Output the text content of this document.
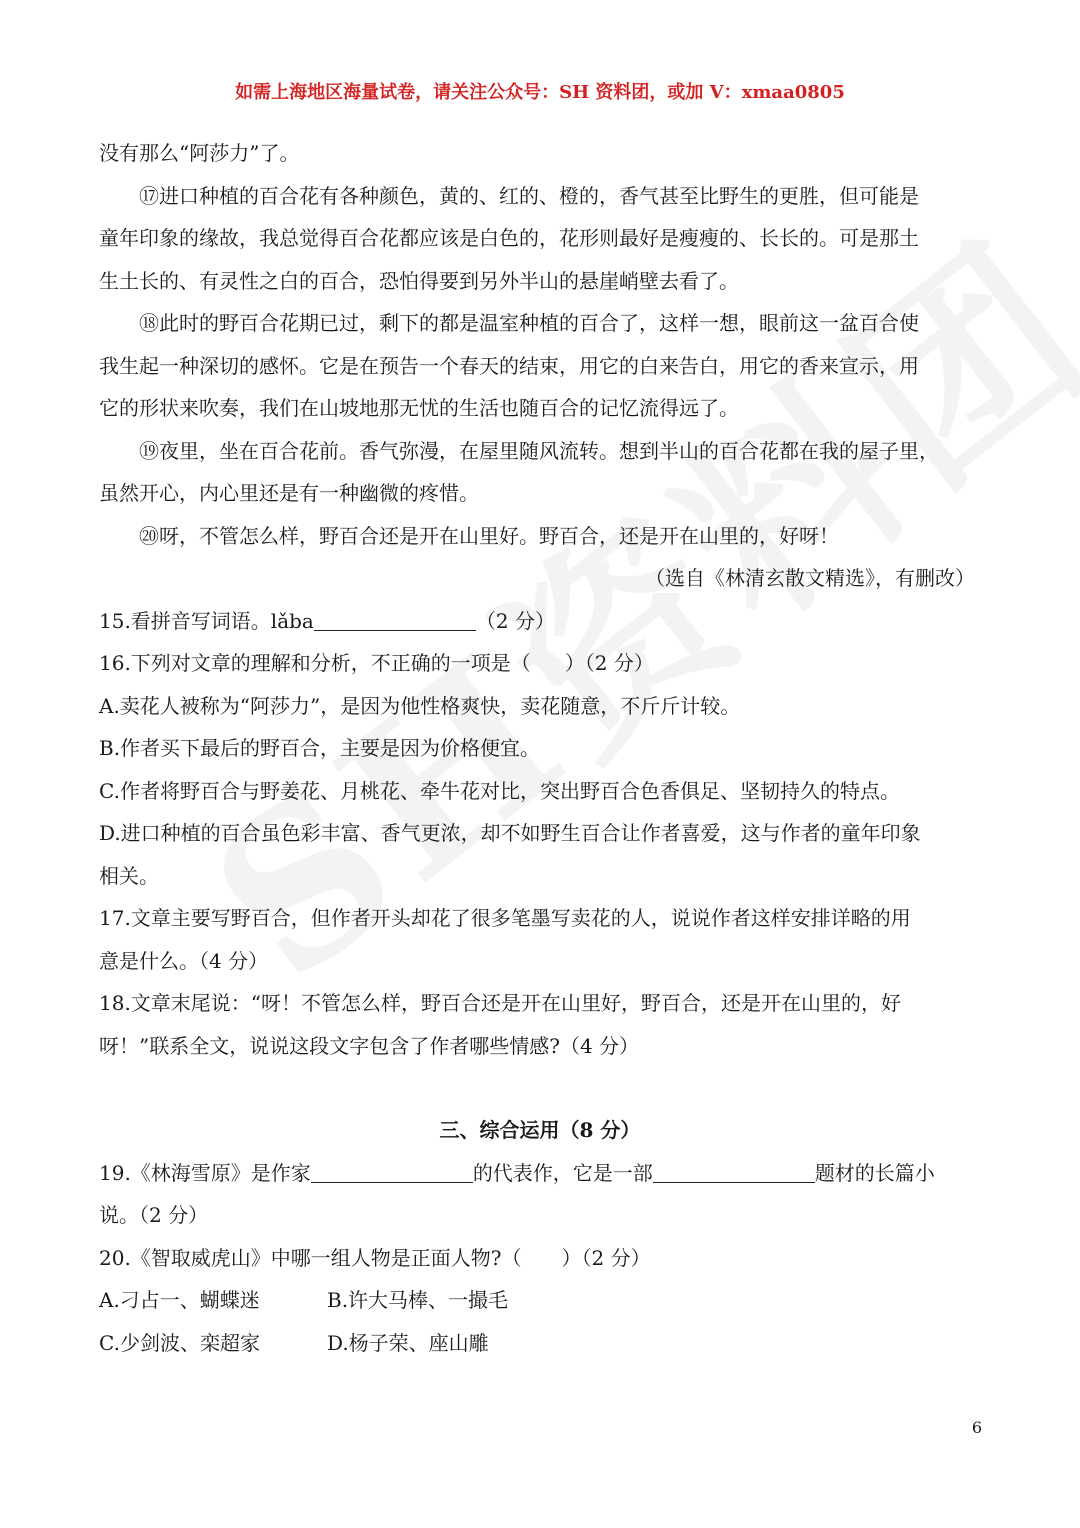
如需上海地区海量试卷，请关注公众号：SH 资料团，或加 V：xmaa0805
没有那么“阿莎力”了。
⑰进口种植的百合花有各种颜色，黄的、红的、橙的，香气甚至比野生的更胜，但可能是
童年印象的缘故，我总觉得百合花都应该是白色的，花形则最好是瘦瘦的、长长的。可是那土
生土长的、有灵性之白的百合，恐怕得要到另外半山的悬崖峭壁去看了。
⑱此时的野百合花期已过，剩下的都是温室种植的百合了，这样一想，眼前这一盆百合使
我生起一种深切的感怀。它是在预告一个春天的结束，用它的白来告白，用它的香来宣示，用
它的形状来吹奏，我们在山坡地那无忧的生活也随百合的记忆流得远了。
⑲夜里，坐在百合花前。香气弥漫，在屋里随风流转。想到半山的百合花都在我的屋子里，
虽然开心，内心里还是有一种幽微的疼惜。
⑳呀，不管怎么样，野百合还是开在山里好。野百合，还是开在山里的，好呀！
（选自《林清玄散文精选》，有删改）
15.看拼音写词语。lǎba	（2 分）
16.下列对文章的理解和分析，不正确的一项是（ ）（2 分）
A.卖花人被称为“阿莎力”，是因为他性格爽快，卖花随意，不斤斤计较。
B.作者买下最后的野百合，主要是因为价格便宜。
C.作者将野百合与野姜花、月桃花、牵牛花对比，突出野百合色香俱足、坚韧持久的特点。
D.进口种植的百合虽色彩丰富、香气更浓，却不如野生百合让作者喜爱，这与作者的童年印象
相关。
17.文章主要写野百合，但作者开头却花了很多笔墨写卖花的人，说说作者这样安排详略的用
意是什么。（4 分）
18.文章末尾说：“呀！不管怎么样，野百合还是开在山里好，野百合，还是开在山里的，好
呀！”联系全文，说说这段文字包含了作者哪些情感?（4 分）
三、综合运用（8 分）
19.《林海雪原》是作家	的代表作，它是一部	题材的长篇小
说。（2 分）
20.《智取威虎山》中哪一组人物是正面人物?（ ）（2 分）
A.刁占一、蝴蝶迷	B.许大马棒、一撮毛
C.少剑波、栾超家	D.杨子荣、座山雕
6
